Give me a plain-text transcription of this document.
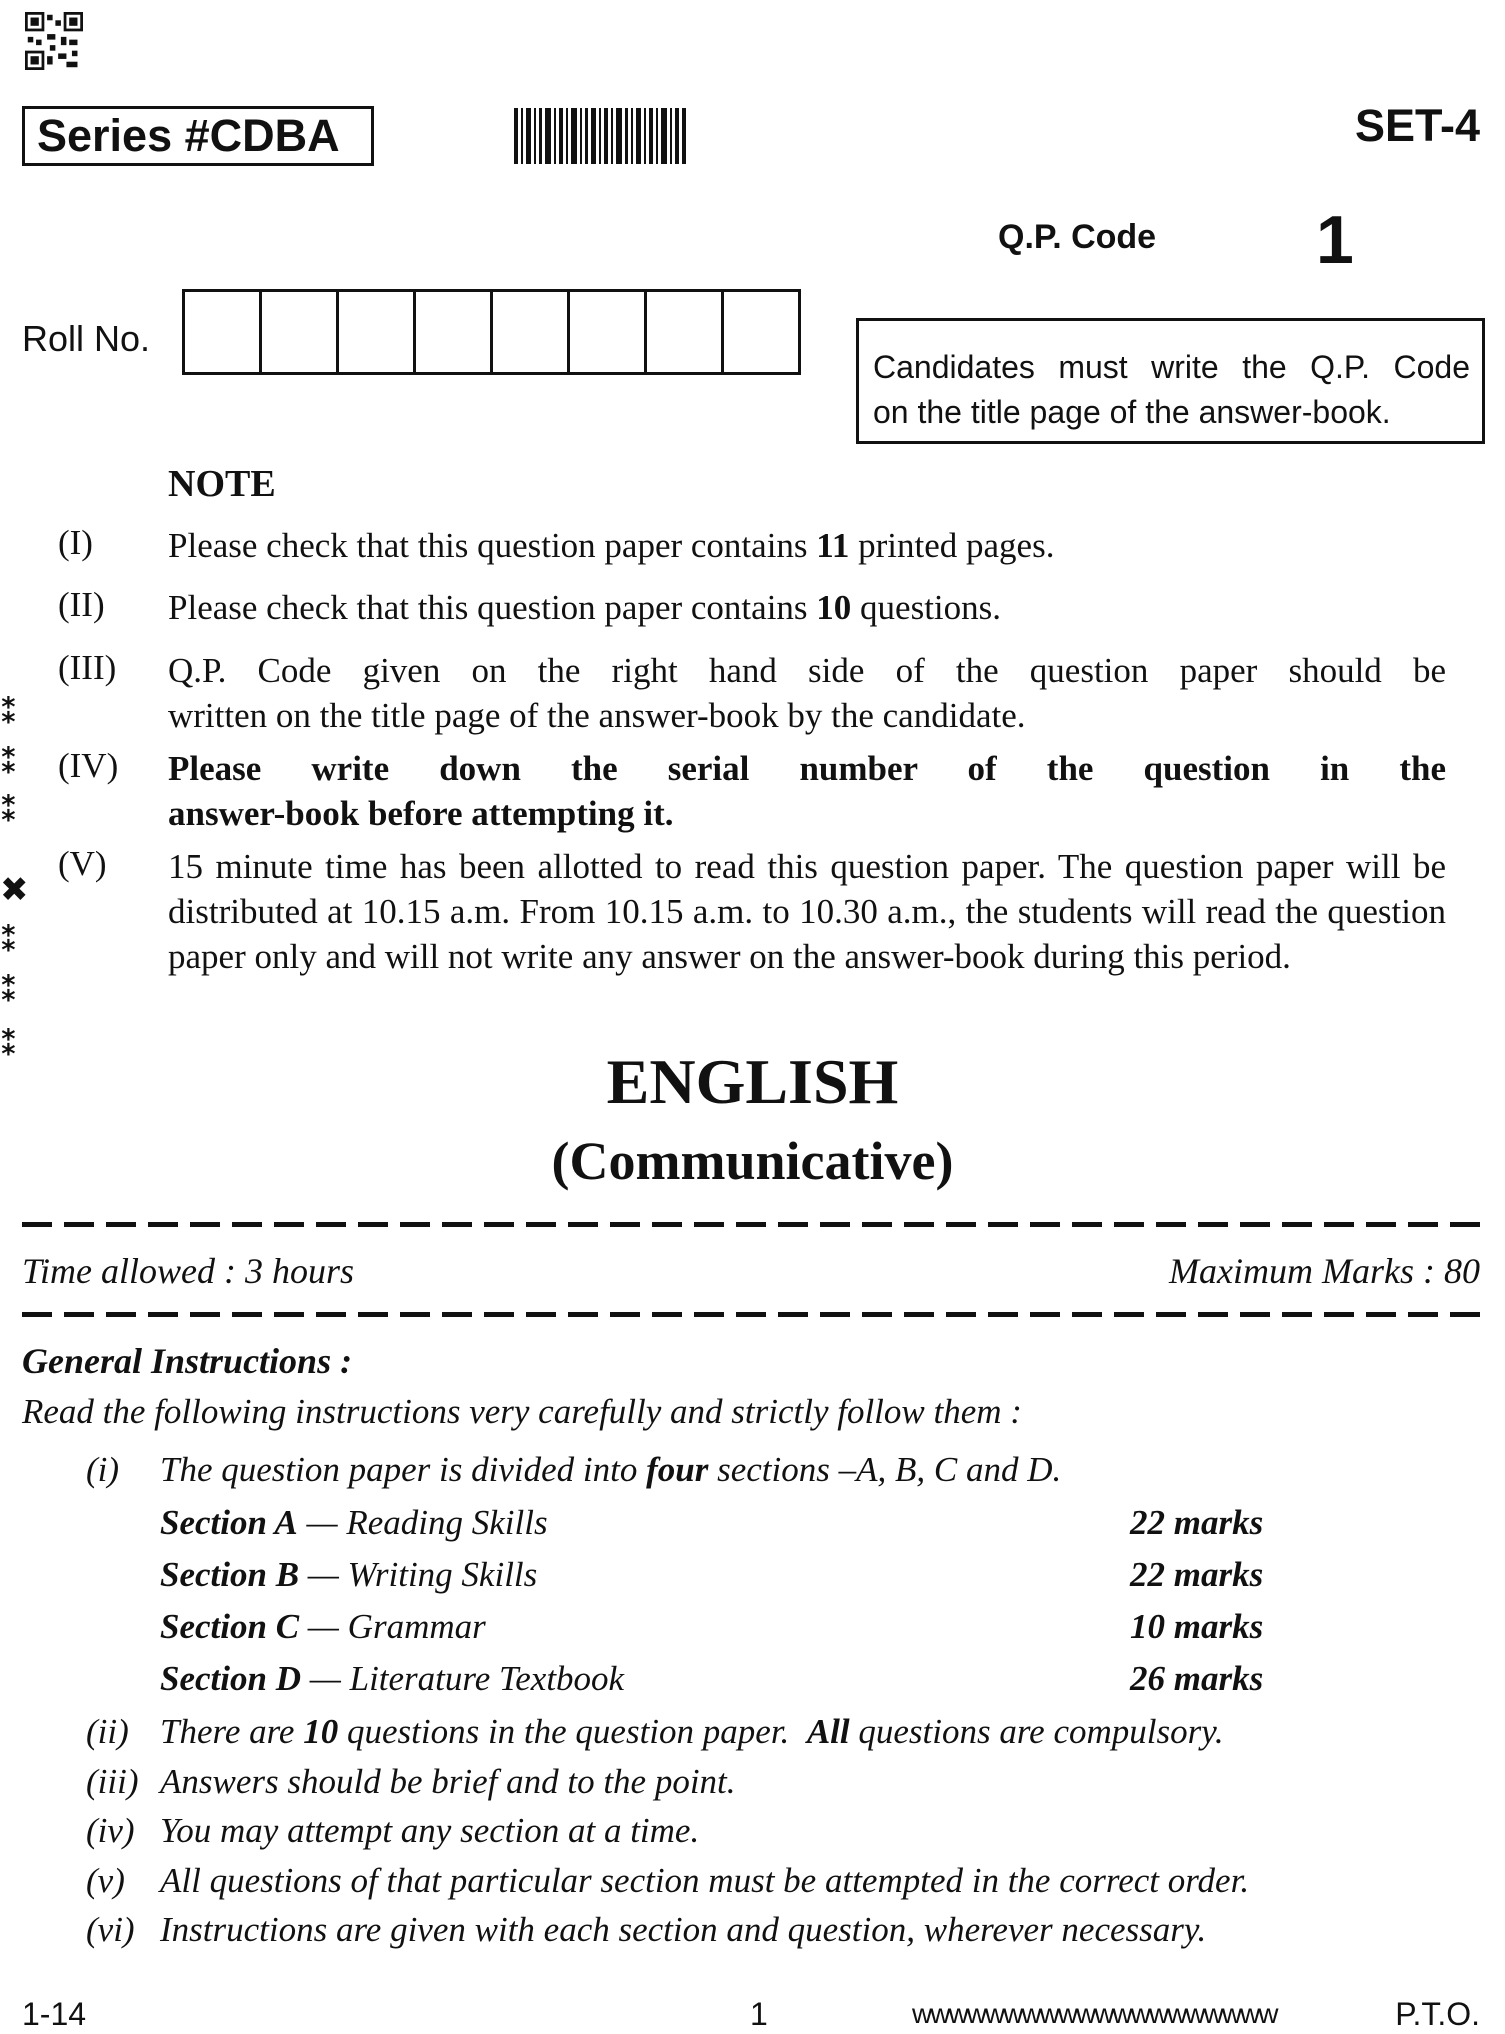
Series #CDBA	SET-4
Q.P. Code 1
Roll No.
Candidates must write the Q.P. Code
on the title page of the answer-book.
NOTE
(I) Please check that this question paper contains 11 printed pages.
(II) Please check that this question paper contains 10 questions.
(III) Q.P. Code given on the right hand side of the question paper should be
written on the title page of the answer-book by the candidate.
(IV) Please write down the serial number of the question in the
answer-book before attempting it.
(V) 15 minute time has been allotted to read this question paper. The question paper will be distributed at 10.15 a.m. From 10.15 a.m. to 10.30 a.m., the students will read the question paper only and will not write any answer on the answer-book during this period.
⁑
⁑
⁑
✖
⁑
⁑
⁑
ENGLISH
(Communicative)
Time allowed : 3 hours	Maximum Marks : 80
General Instructions :
Read the following instructions very carefully and strictly follow them :
(i) The question paper is divided into four sections –A, B, C and D.
Section A — Reading Skills	22 marks
Section B — Writing Skills	22 marks
Section C — Grammar	10 marks
Section D — Literature Textbook	26 marks
(ii) There are 10 questions in the question paper.  All questions are compulsory.
(iii) Answers should be brief and to the point.
(iv) You may attempt any section at a time.
(v) All questions of that particular section must be attempted in the correct order.
(vi) Instructions are given with each section and question, wherever necessary.
1-14	1	wwwwwwwwwwwwwwwwwwww	P.T.O.
